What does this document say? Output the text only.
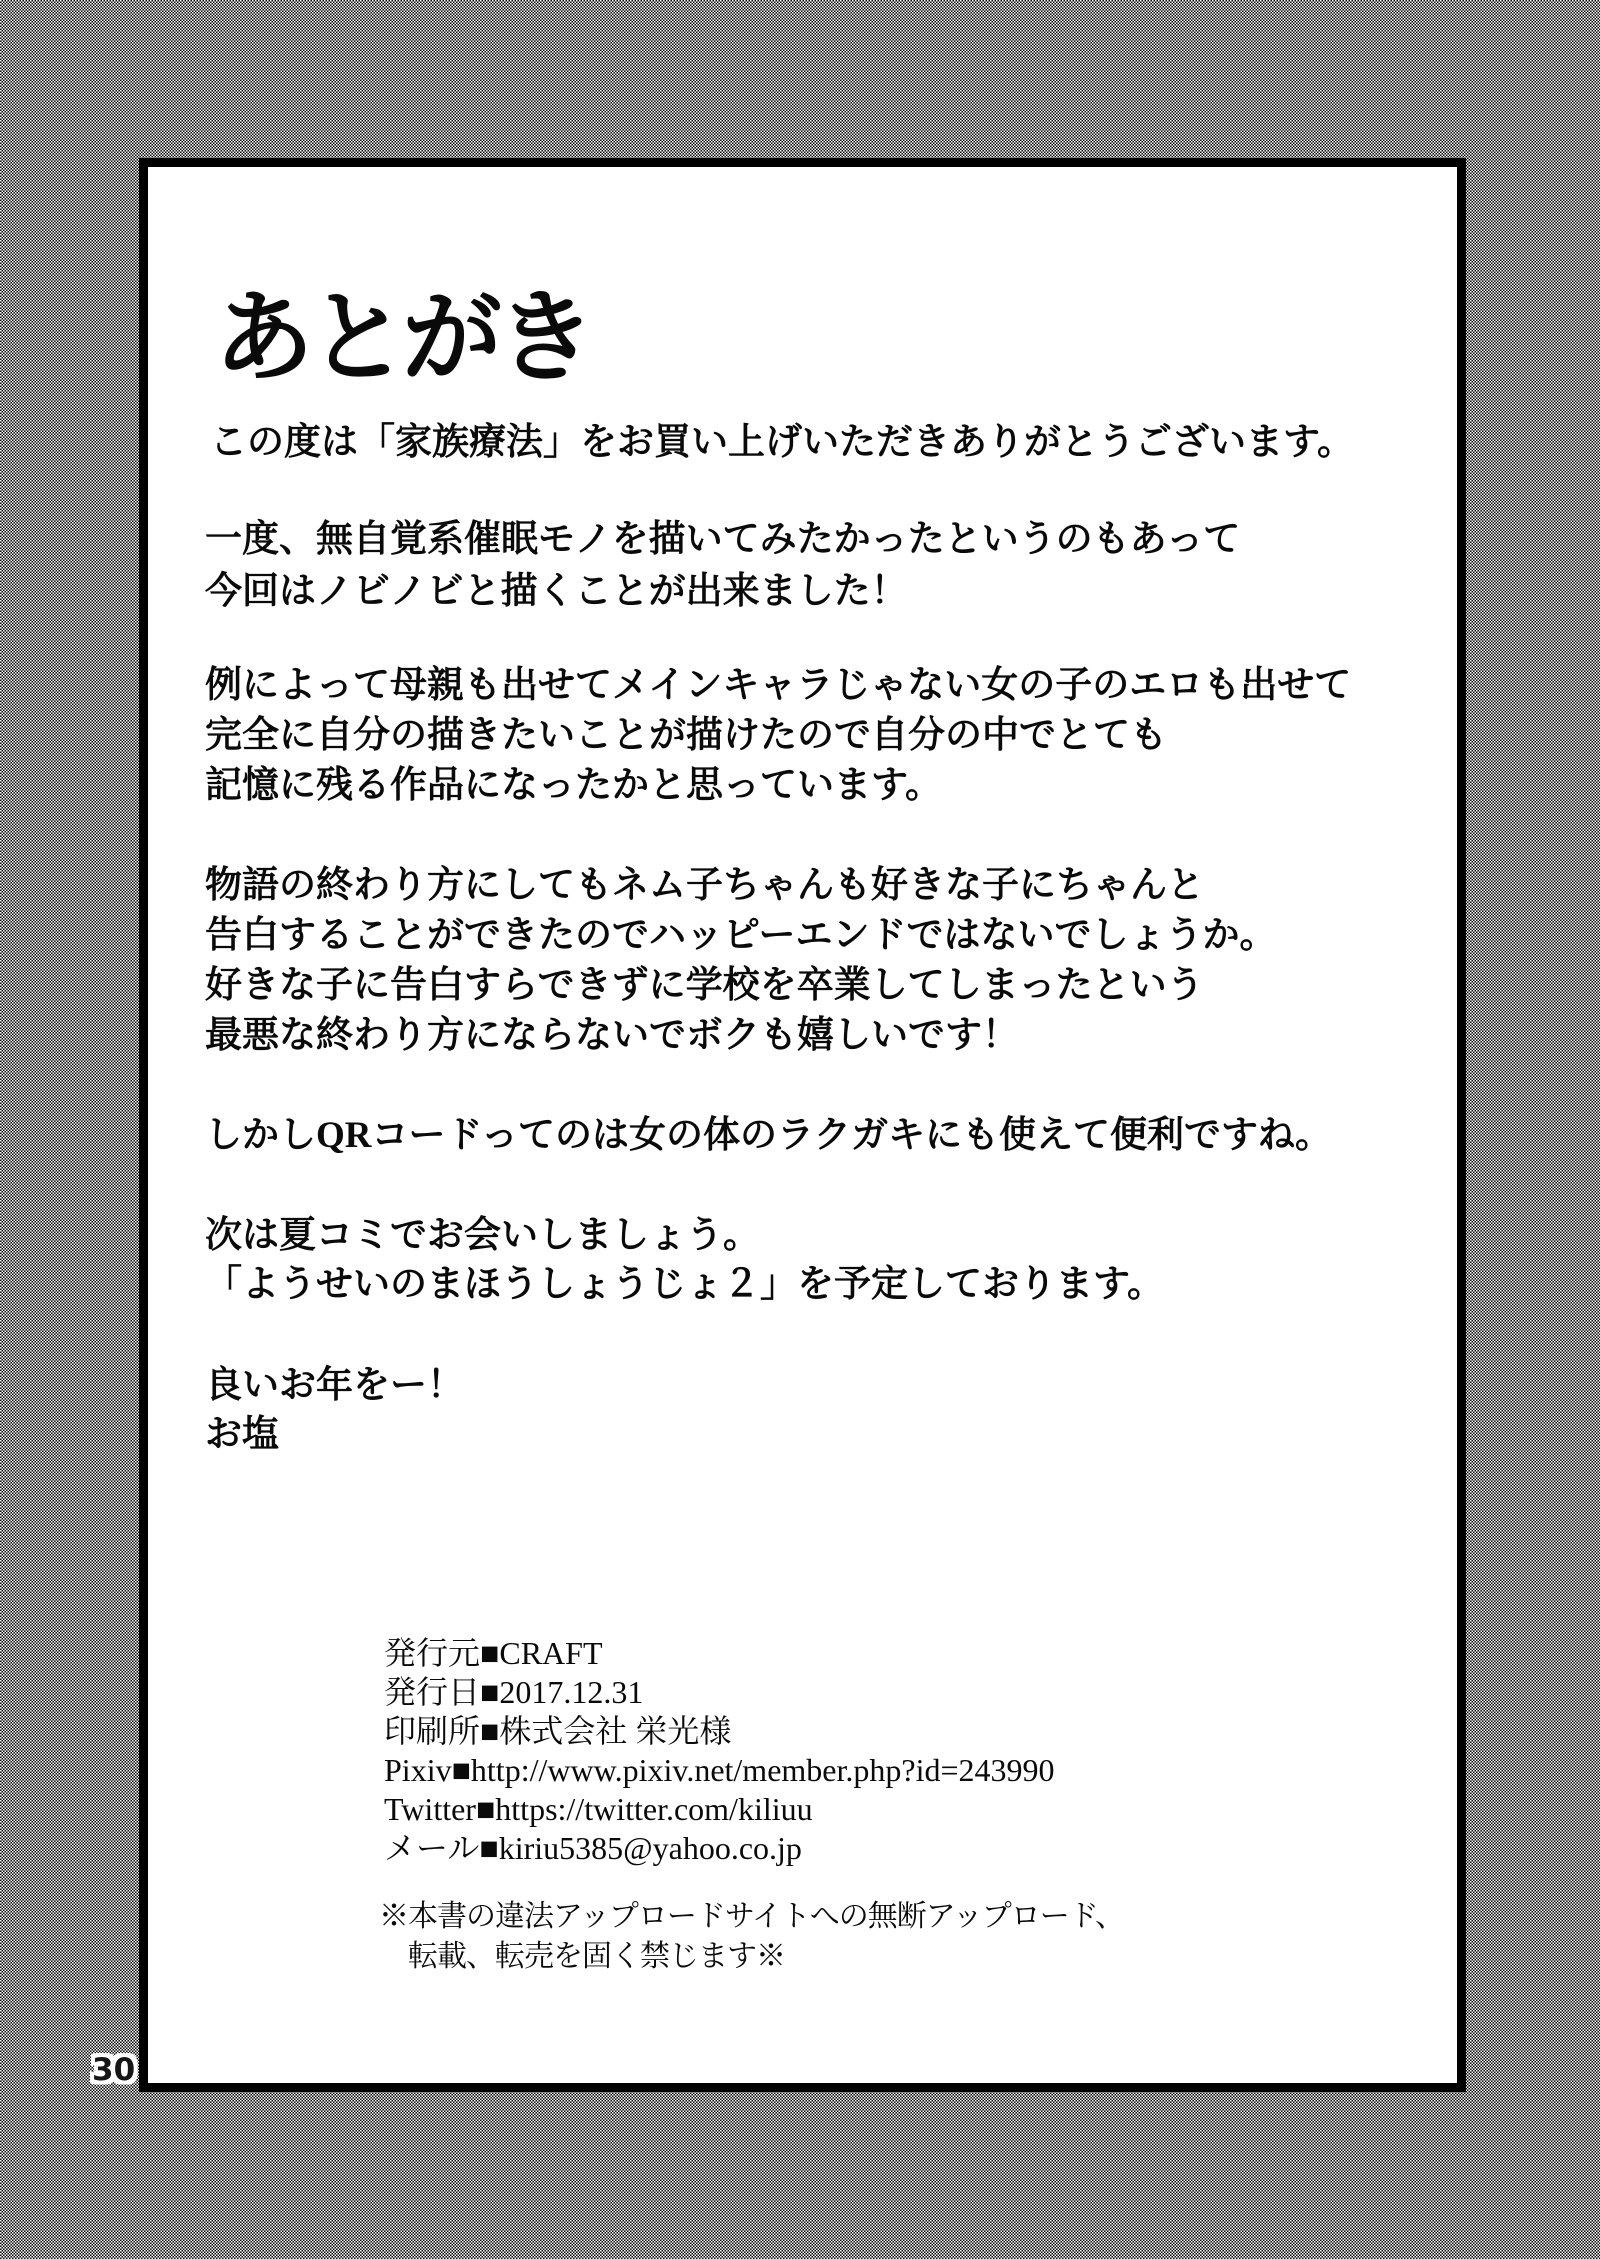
あとがき
この度は「家族療法」をお買い上げいただきありがとうございます。
一度、無自覚系催眠モノを描いてみたかったというのもあって
今回はノビノビと描くことが出来ました！
例によって母親も出せてメインキャラじゃない女の子のエロも出せて
完全に自分の描きたいことが描けたので自分の中でとても
記憶に残る作品になったかと思っています。
物語の終わり方にしてもネム子ちゃんも好きな子にちゃんと
告白することができたのでハッピーエンドではないでしょうか。
好きな子に告白すらできずに学校を卒業してしまったという
最悪な終わり方にならないでボクも嬉しいです！
しかしQRコードってのは女の体のラクガキにも使えて便利ですね。
次は夏コミでお会いしましょう。
「ようせいのまほうしょうじょ２」を予定しております。
良いお年をー！
お塩
発行元■CRAFT
発行日■2017.12.31
印刷所■株式会社 栄光様
Pixiv■http://www.pixiv.net/member.php?id=243990
Twitter■https://twitter.com/kiliuu
メール■kiriu5385@yahoo.co.jp
※本書の違法アップロードサイトへの無断アップロード、
転載、転売を固く禁じます※
30
